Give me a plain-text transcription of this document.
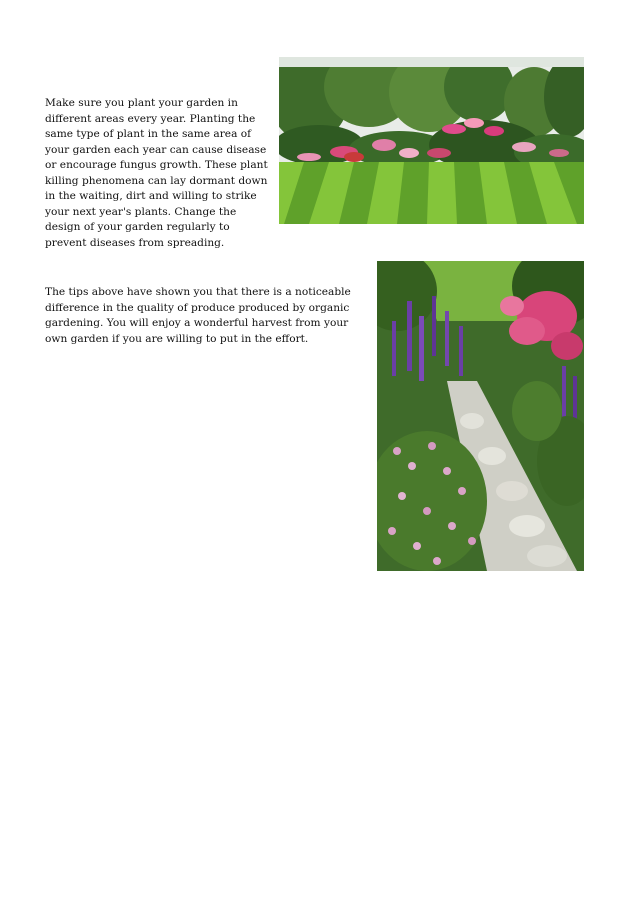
Make sure you plant your garden in different areas every year. Planting the same type of plant in the same area of your garden each year can cause disease or encourage fungus growth. These plant killing phenomena can lay dormant down in the waiting, dirt and willing to strike your next year's plants. Change the design of your garden regularly to prevent diseases from spreading.

The tips above have shown you that there is a noticeable difference in the quality of produce produced by organic gardening. You will enjoy a wonderful harvest from your own garden if you are willing to put in the effort.
